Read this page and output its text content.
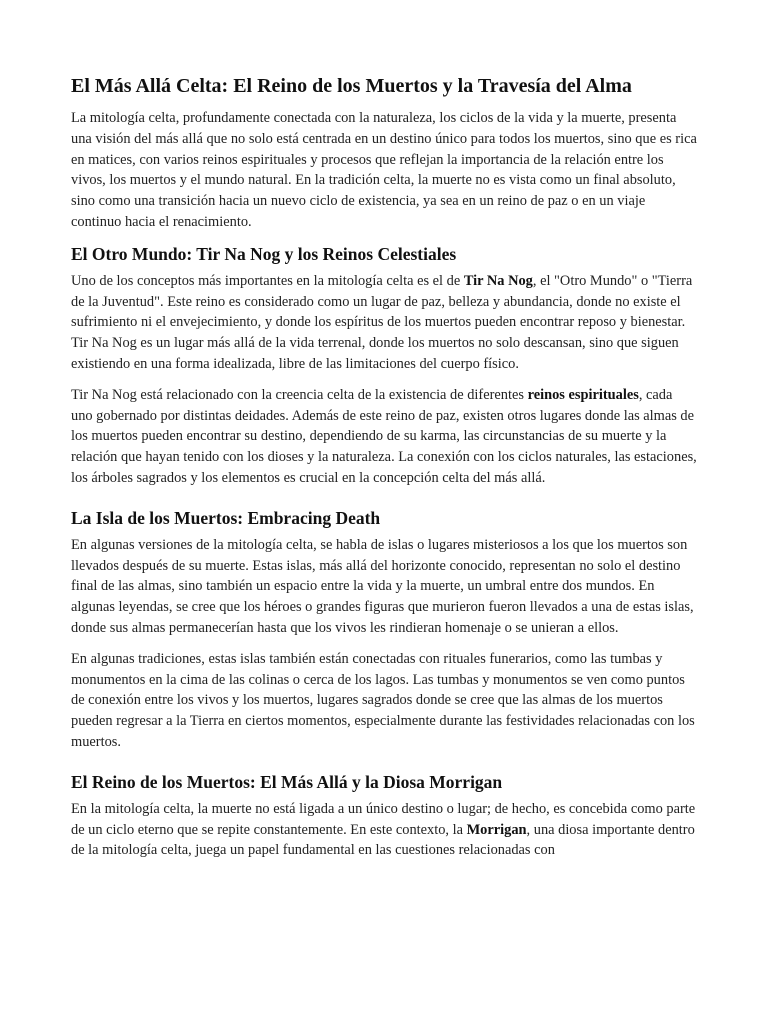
El Más Allá Celta: El Reino de los Muertos y la Travesía del Alma

La mitología celta, profundamente conectada con la naturaleza, los ciclos de la vida y la muerte, presenta una visión del más allá que no solo está centrada en un destino único para todos los muertos, sino que es rica en matices, con varios reinos espirituales y procesos que reflejan la importancia de la relación entre los vivos, los muertos y el mundo natural. En la tradición celta, la muerte no es vista como un final absoluto, sino como una transición hacia un nuevo ciclo de existencia, ya sea en un reino de paz o en un viaje continuo hacia el renacimiento.

El Otro Mundo: Tir Na Nog y los Reinos Celestiales

Uno de los conceptos más importantes en la mitología celta es el de Tir Na Nog, el "Otro Mundo" o "Tierra de la Juventud". Este reino es considerado como un lugar de paz, belleza y abundancia, donde no existe el sufrimiento ni el envejecimiento, y donde los espíritus de los muertos pueden encontrar reposo y bienestar. Tir Na Nog es un lugar más allá de la vida terrenal, donde los muertos no solo descansan, sino que siguen existiendo en una forma idealizada, libre de las limitaciones del cuerpo físico.

Tir Na Nog está relacionado con la creencia celta de la existencia de diferentes reinos espirituales, cada uno gobernado por distintas deidades. Además de este reino de paz, existen otros lugares donde las almas de los muertos pueden encontrar su destino, dependiendo de su karma, las circunstancias de su muerte y la relación que hayan tenido con los dioses y la naturaleza. La conexión con los ciclos naturales, las estaciones, los árboles sagrados y los elementos es crucial en la concepción celta del más allá.

La Isla de los Muertos: Embracing Death

En algunas versiones de la mitología celta, se habla de islas o lugares misteriosos a los que los muertos son llevados después de su muerte. Estas islas, más allá del horizonte conocido, representan no solo el destino final de las almas, sino también un espacio entre la vida y la muerte, un umbral entre dos mundos. En algunas leyendas, se cree que los héroes o grandes figuras que murieron fueron llevados a una de estas islas, donde sus almas permanecerían hasta que los vivos les rindieran homenaje o se unieran a ellos.

En algunas tradiciones, estas islas también están conectadas con rituales funerarios, como las tumbas y monumentos en la cima de las colinas o cerca de los lagos. Las tumbas y monumentos se ven como puntos de conexión entre los vivos y los muertos, lugares sagrados donde se cree que las almas de los muertos pueden regresar a la Tierra en ciertos momentos, especialmente durante las festividades relacionadas con los muertos.

El Reino de los Muertos: El Más Allá y la Diosa Morrigan

En la mitología celta, la muerte no está ligada a un único destino o lugar; de hecho, es concebida como parte de un ciclo eterno que se repite constantemente. En este contexto, la Morrigan, una diosa importante dentro de la mitología celta, juega un papel fundamental en las cuestiones relacionadas con
